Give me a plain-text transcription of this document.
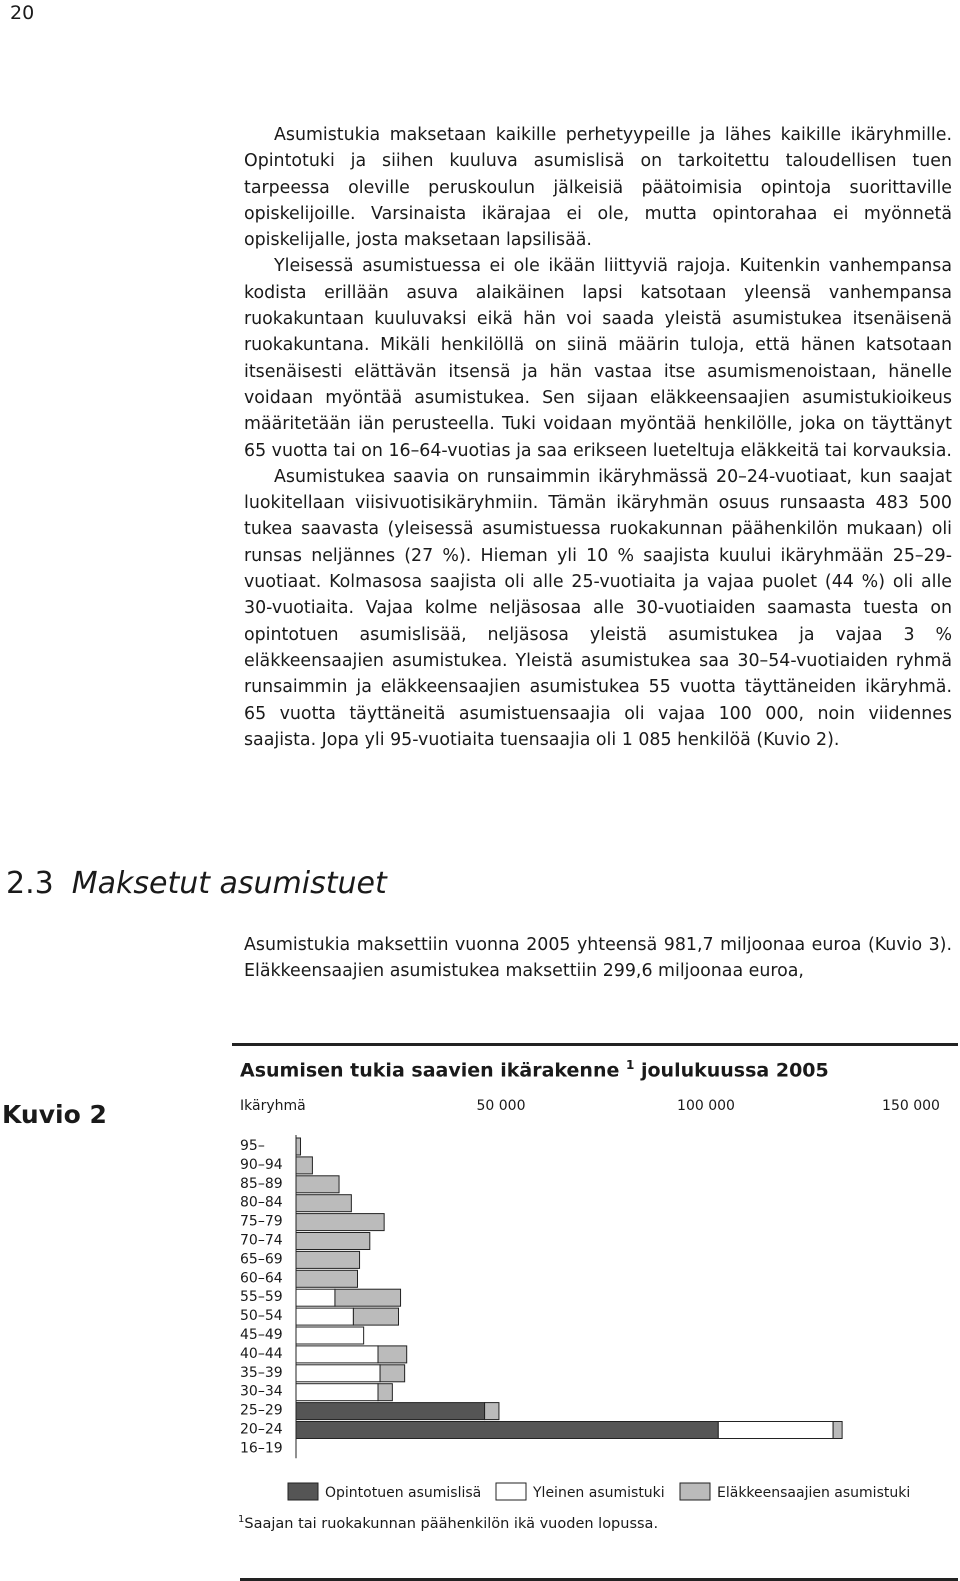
20

Asumistukia maksetaan kaikille perhetyypeille ja lähes kaikille ikäryhmille. Opintotuki ja siihen kuuluva asumislisä on tarkoitettu taloudellisen tuen tarpeessa oleville peruskoulun jälkeisiä päätoimisia opintoja suorittaville opiskelijoille. Varsinaista ikärajaa ei ole, mutta opintorahaa ei myönnetä opiskelijalle, josta maksetaan lapsilisää.

Yleisessä asumistuessa ei ole ikään liittyviä rajoja. Kuitenkin vanhempansa kodista erillään asuva alaikäinen lapsi katsotaan yleensä vanhempansa ruokakuntaan kuuluvaksi eikä hän voi saada yleistä asumistukea itsenäisenä ruokakuntana. Mikäli henkilöllä on siinä määrin tuloja, että hänen katsotaan itsenäisesti elättävän itsensä ja hän vastaa itse asumismenoistaan, hänelle voidaan myöntää asumistukea. Sen sijaan eläkkeensaajien asumistukioikeus määritetään iän perusteella. Tuki voidaan myöntää henkilölle, joka on täyttänyt 65 vuotta tai on 16–64-vuotias ja saa erikseen lueteltuja eläkkeitä tai korvauksia.

Asumistukea saavia on runsaimmin ikäryhmässä 20–24-vuotiaat, kun saajat luokitellaan viisivuotisikäryhmiin. Tämän ikäryhmän osuus runsaasta 483 500 tukea saavasta (yleisessä asumistuessa ruokakunnan päähenkilön mukaan) oli runsas neljännes (27 %). Hieman yli 10 % saajista kuului ikäryhmään 25–29-vuotiaat. Kolmasosa saajista oli alle 25-vuotiaita ja vajaa puolet (44 %) oli alle 30-vuotiaita. Vajaa kolme neljäsosaa alle 30-vuotiaiden saamasta tuesta on opintotuen asumislisää, neljäsosa yleistä asumistukea ja vajaa 3 % eläkkeensaajien asumistukea. Yleistä asumistukea saa 30–54-vuotiaiden ryhmä runsaimmin ja eläkkeensaajien asumistukea 55 vuotta täyttäneiden ikäryhmä. 65 vuotta täyttäneitä asumistuensaajia oli vajaa 100 000, noin viidennes saajista. Jopa yli 95-vuotiaita tuensaajia oli 1 085 henkilöä (Kuvio 2).

2.3 Maksetut asumistuet

Asumistukia maksettiin vuonna 2005 yhteensä 981,7 miljoonaa euroa (Kuvio 3). Eläkkeensaajien asumistukea maksettiin 299,6 miljoonaa euroa,

Kuvio 2
Asumisen tukia saavien ikärakenne $^1$ joulukuussa 2005
Ikäryhmä	50 000	100 000	150 000
95–
90–94
85–89
80–84
75–79
70–74
65–69
60–64
55–59
50–54
45–49
40–44
35–39
30–34
25–29
20–24
16–19
Opintotuen asumislisä	Yleinen asumistuki	Eläkkeensaajien asumistuki
$^1$Saajan tai ruokakunnan päähenkilön ikä vuoden lopussa.
